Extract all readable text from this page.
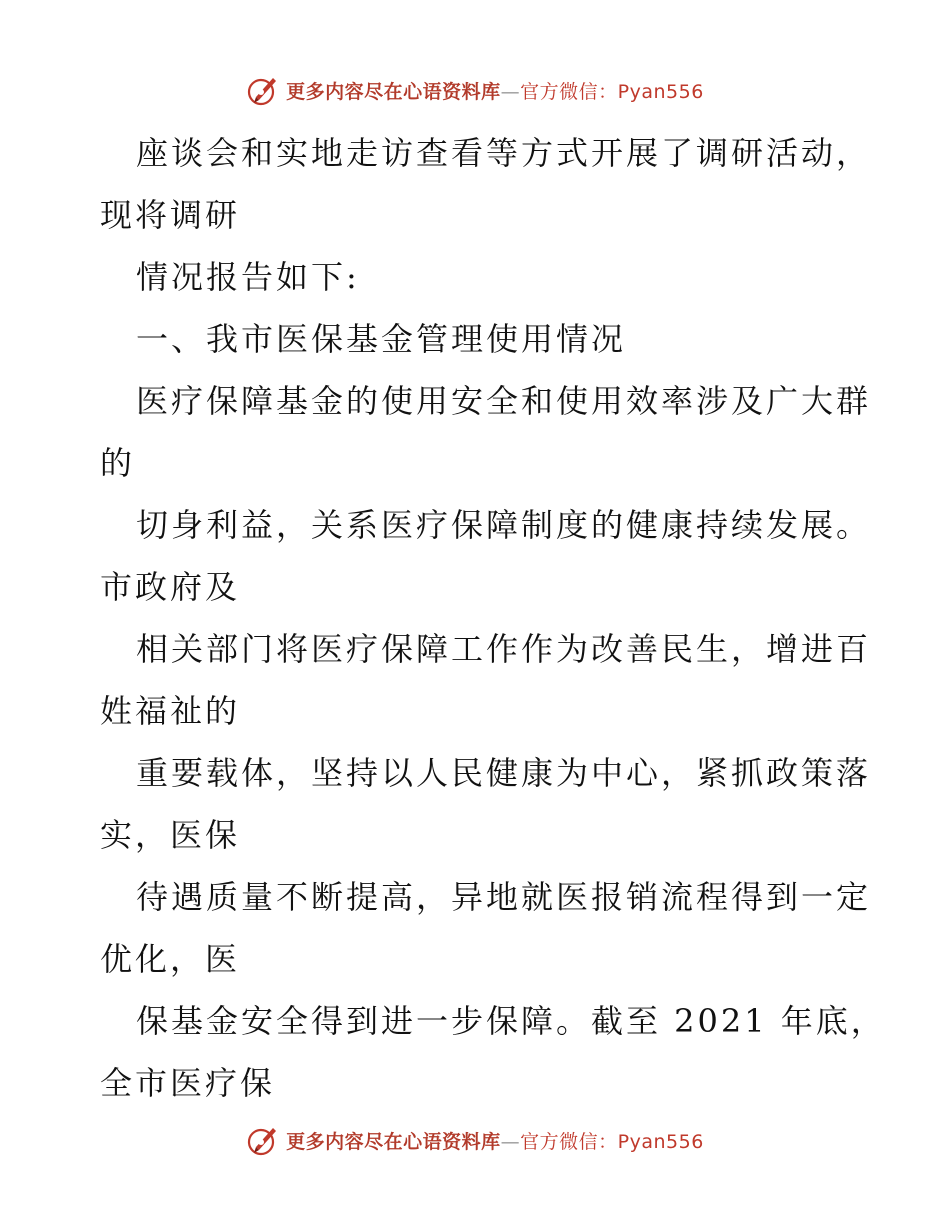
更多内容尽在心语资料库—官方微信：Pyan556
座谈会和实地走访查看等方式开展了调研活动，
现将调研
情况报告如下:
一、我市医保基金管理使用情况
医疗保障基金的使用安全和使用效率涉及广大群
的
切身利益，关系医疗保障制度的健康持续发展。
市政府及
相关部门将医疗保障工作作为改善民生，增进百
姓福祉的
重要载体，坚持以人民健康为中心，紧抓政策落
实，医保
待遇质量不断提高，异地就医报销流程得到一定
优化，医
保基金安全得到进一步保障。截至 2021 年底，
全市医疗保
更多内容尽在心语资料库—官方微信：Pyan556
